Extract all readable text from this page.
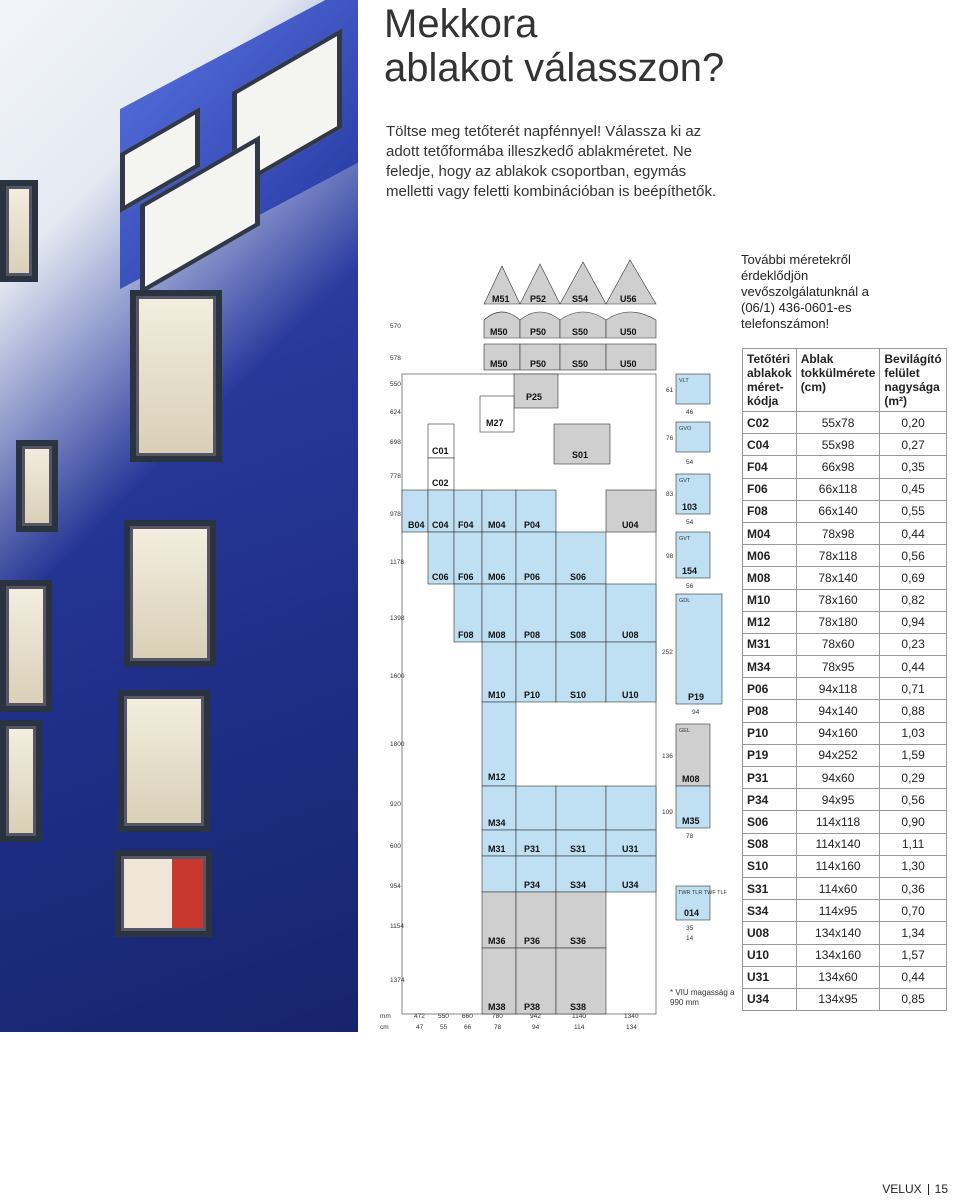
Mekkora
ablakot válasszon?
Töltse meg tetőterét napfénnyel! Válassza ki az adott tetőformába illeszkedő ablakméretet. Ne feledje, hogy az ablakok csoportban, egymás melletti vagy feletti kombinációban is beépíthetők.
További méretekről érdeklődjön vevőszolgálatunknál a (06/1) 436-0601-es telefonszámon!
M51 P52	S54	U56
M50 P50	S50	U50
M50 P50	S50	U50
B04
C01
C02
C04
C06
F04
F06
F08
M04
M06
M08
M10
M12
M27
M31
M34
M36
M38
P04
P06
P08
P10
P25
P31
P34
P36
P38
S01
S06
S08
S10
S31
S34
S36
S38
U04
U08
U10
U31
U34
VLT
GVO
GVT
GVT
GDL
GEL
TWR TLR TWF TLF
103
154
P19
M08
M35
014
61
76
83
98
252
136
109
46
54
54
56
94
78
35
14
570
578
550
624
698
778
978
1178
1398
1600
1800
920
600
954
1154
1374
mm
cm
472 550 660	780	942	1140	1340
47	55	66	78	94	114	134
* VIU magasság a 990 mm
Tetőtéri ablakok méret-kódja	Ablak tokkülmérete (cm)	Bevilágító felület nagysága (m²)
C02	55x78	0,20
C04	55x98	0,27
F04	66x98	0,35
F06	66x118	0,45
F08	66x140	0,55
M04	78x98	0,44
M06	78x118	0,56
M08	78x140	0,69
M10	78x160	0,82
M12	78x180	0,94
M31	78x60	0,23
M34	78x95	0,44
P06	94x118	0,71
P08	94x140	0,88
P10	94x160	1,03
P19	94x252	1,59
P31	94x60	0,29
P34	94x95	0,56
S06	114x118	0,90
S08	114x140	1,11
S10	114x160	1,30
S31	114x60	0,36
S34	114x95	0,70
U08	134x140	1,34
U10	134x160	1,57
U31	134x60	0,44
U34	134x95	0,85
VELUX 15
